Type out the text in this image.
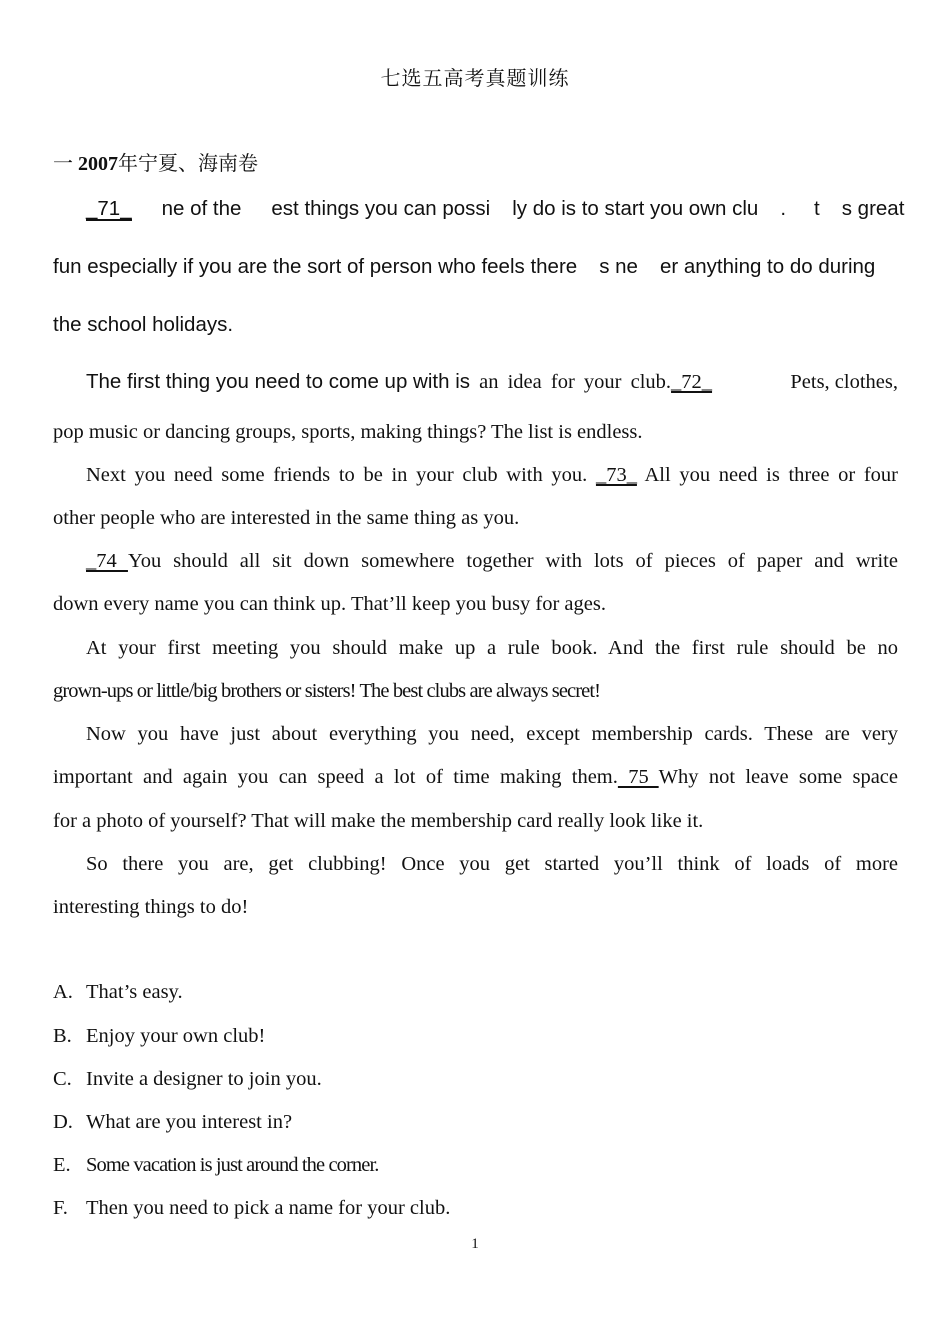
七选五高考真题训练
一 2007年宁夏、海南卷
_71_ ne of the est things you can possi ly do is to start you own clu . t s great
fun especially if you are the sort of person who feels there s ne er anything to do during
the school holidays.
The first thing you need to come up with is an idea for your club._72_	Pets, clothes,
pop music or dancing groups, sports, making things? The list is endless.
Next you need some friends to be in your club with you. _73_ All you need is three or four
other people who are interested in the same thing as you.
_74 You should all sit down somewhere together with lots of pieces of paper and write
down every name you can think up. That’ll keep you busy for ages.
At your first meeting you should make up a rule book. And the first rule should be no
grown-ups or little/big brothers or sisters! The best clubs are always secret!
Now you have just about everything you need, except membership cards. These are very
important and again you can speed a lot of time making them. 75 Why not leave some space
for a photo of yourself? That will make the membership card really look like it.
So there you are, get clubbing! Once you get started you’ll think of loads of more
interesting things to do!
A. That’s easy.
B. Enjoy your own club!
C. Invite a designer to join you.
D. What are you interest in?
E. Some vacation is just around the corner.
F. Then you need to pick a name for your club.
1
